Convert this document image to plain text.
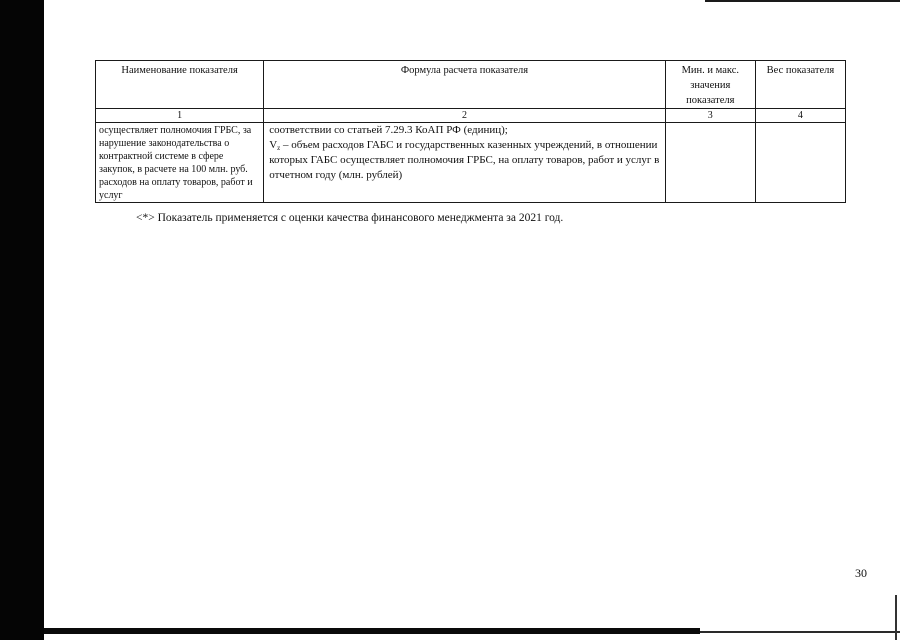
Наименование показателя	Формула расчета показателя	Мин. и макс. значения показателя	Вес показателя
1	2	3	4
осуществляет полномочия ГРБС, за нарушение законодательства о контрактной системе в сфере закупок, в расчете на 100 млн. руб. расходов на оплату товаров, работ и услуг	соответствии со статьей 7.29.3 КоАП РФ (единиц);
$V_z$ – объем расходов ГАБС и государственных казенных учреждений, в отношении которых ГАБС осуществляет полномочия ГРБС, на оплату товаров, работ и услуг в отчетном году (млн. рублей)		

<*> Показатель применяется с оценки качества финансового менеджмента за 2021 год.
30
